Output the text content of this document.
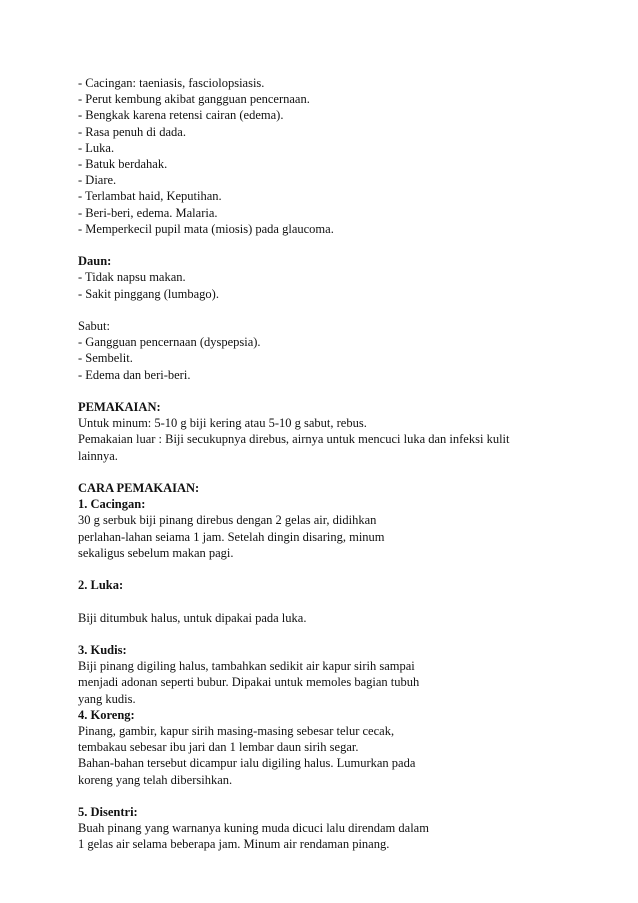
- Cacingan: taeniasis, fasciolopsiasis.
- Perut kembung akibat gangguan pencernaan.
- Bengkak karena retensi cairan (edema).
- Rasa penuh di dada.
- Luka.
- Batuk berdahak.
- Diare.
- Terlambat haid, Keputihan.
- Beri-beri, edema. Malaria.
- Memperkecil pupil mata (miosis) pada glaucoma.
Daun:
- Tidak napsu makan.
- Sakit pinggang (lumbago).
Sabut:
- Gangguan pencernaan (dyspepsia).
- Sembelit.
- Edema dan beri-beri.
PEMAKAIAN:
Untuk minum: 5-10 g biji kering atau 5-10 g sabut, rebus.
Pemakaian luar : Biji secukupnya direbus, airnya untuk mencuci luka dan infeksi kulit
lainnya.
CARA PEMAKAIAN:
1. Cacingan:
30 g serbuk biji pinang direbus dengan 2 gelas air, didihkan
perlahan-lahan seiama 1 jam. Setelah dingin disaring, minum
sekaligus sebelum makan pagi.
2. Luka:
Biji ditumbuk halus, untuk dipakai pada luka.
3. Kudis:
Biji pinang digiling halus, tambahkan sedikit air kapur sirih sampai
menjadi adonan seperti bubur. Dipakai untuk memoles bagian tubuh
yang kudis.
4. Koreng:
Pinang, gambir, kapur sirih masing-masing sebesar telur cecak,
tembakau sebesar ibu jari dan 1 lembar daun sirih segar.
Bahan-bahan tersebut dicampur ialu digiling halus. Lumurkan pada
koreng yang telah dibersihkan.
5. Disentri:
Buah pinang yang warnanya kuning muda dicuci lalu direndam dalam
1 gelas air selama beberapa jam. Minum air rendaman pinang.
